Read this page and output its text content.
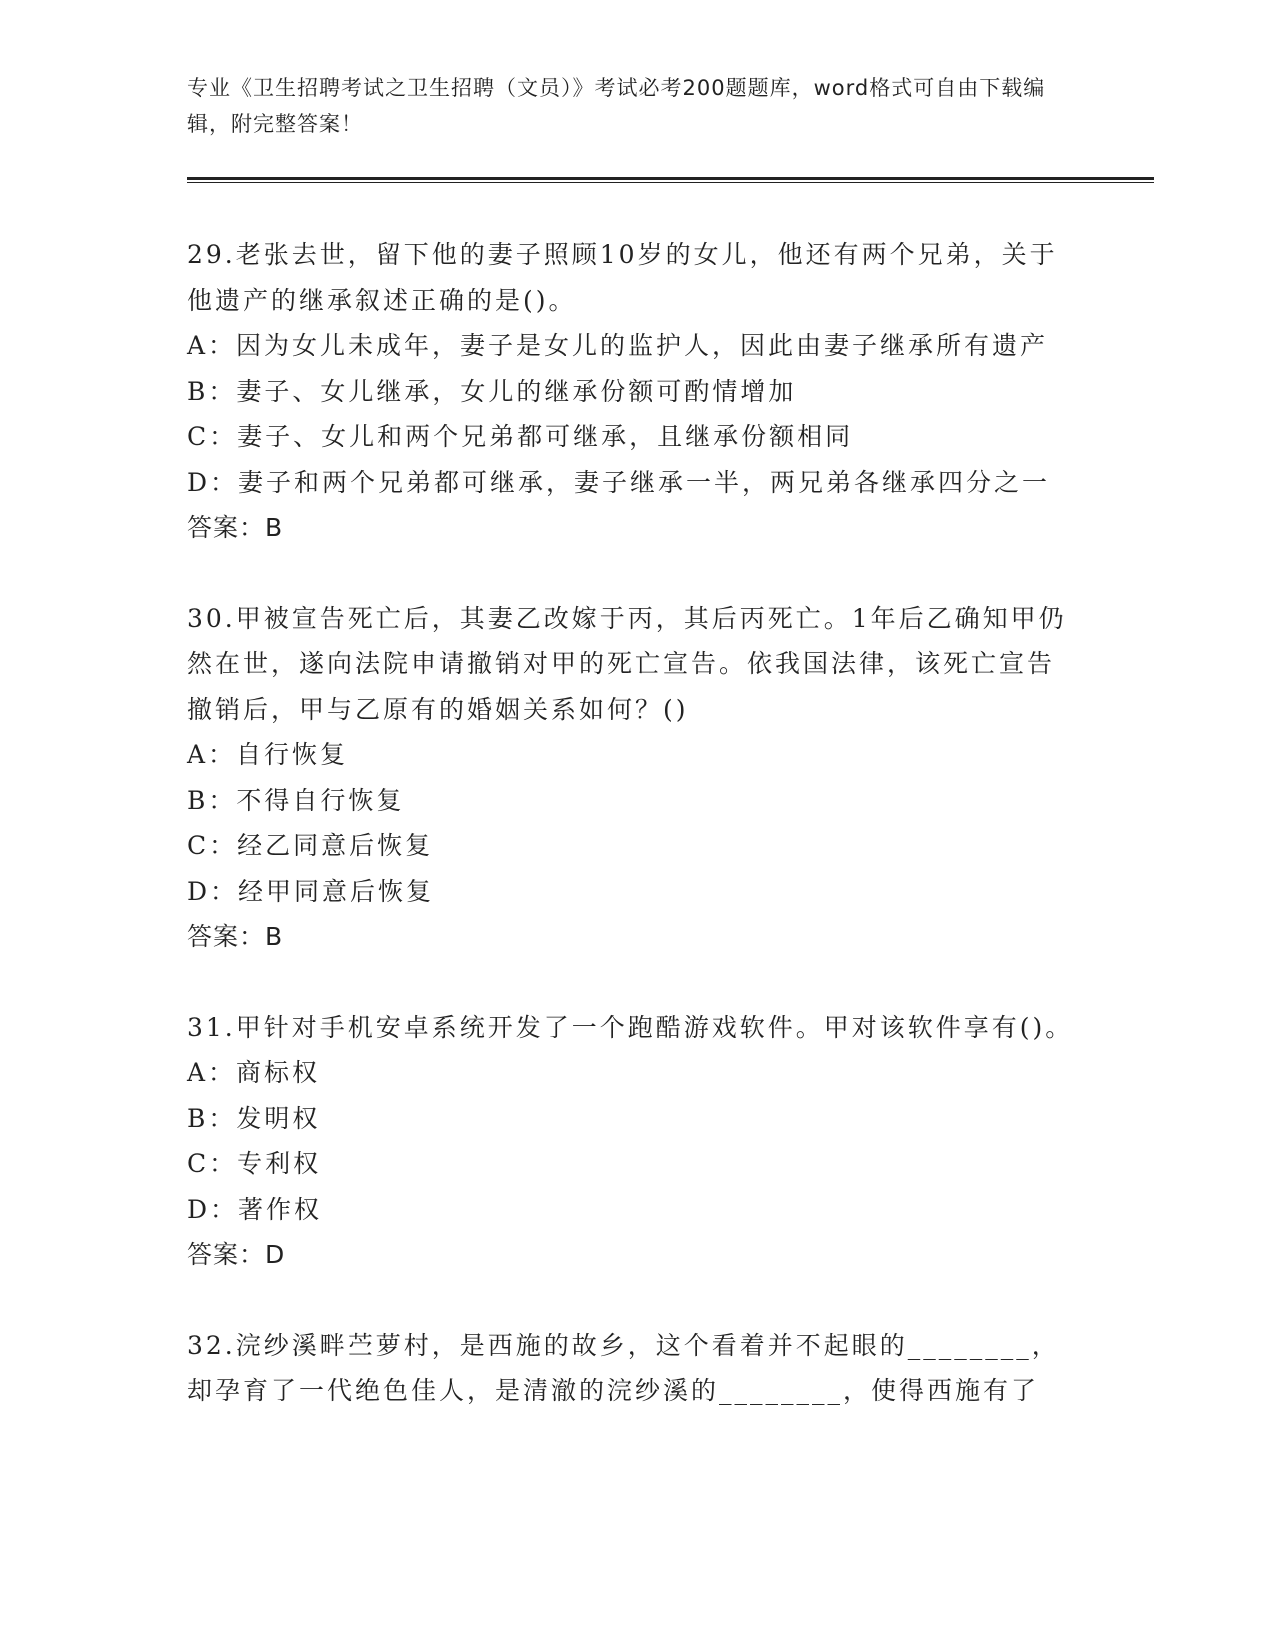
专业《卫生招聘考试之卫生招聘（文员）》考试必考200题题库，word格式可自由下载编辑，附完整答案！

29.老张去世，留下他的妻子照顾10岁的女儿，他还有两个兄弟，关于他遗产的继承叙述正确的是()。

A：因为女儿未成年，妻子是女儿的监护人，因此由妻子继承所有遗产

B：妻子、女儿继承，女儿的继承份额可酌情增加

C：妻子、女儿和两个兄弟都可继承，且继承份额相同

D：妻子和两个兄弟都可继承，妻子继承一半，两兄弟各继承四分之一

答案：B

30.甲被宣告死亡后，其妻乙改嫁于丙，其后丙死亡。1年后乙确知甲仍然在世，遂向法院申请撤销对甲的死亡宣告。依我国法律，该死亡宣告撤销后，甲与乙原有的婚姻关系如何？()

A：自行恢复

B：不得自行恢复

C：经乙同意后恢复

D：经甲同意后恢复

答案：B

31.甲针对手机安卓系统开发了一个跑酷游戏软件。甲对该软件享有()。

A：商标权

B：发明权

C：专利权

D：著作权

答案：D

32.浣纱溪畔苎萝村，是西施的故乡，这个看着并不起眼的________，却孕育了一代绝色佳人，是清澈的浣纱溪的________，使得西施有了
